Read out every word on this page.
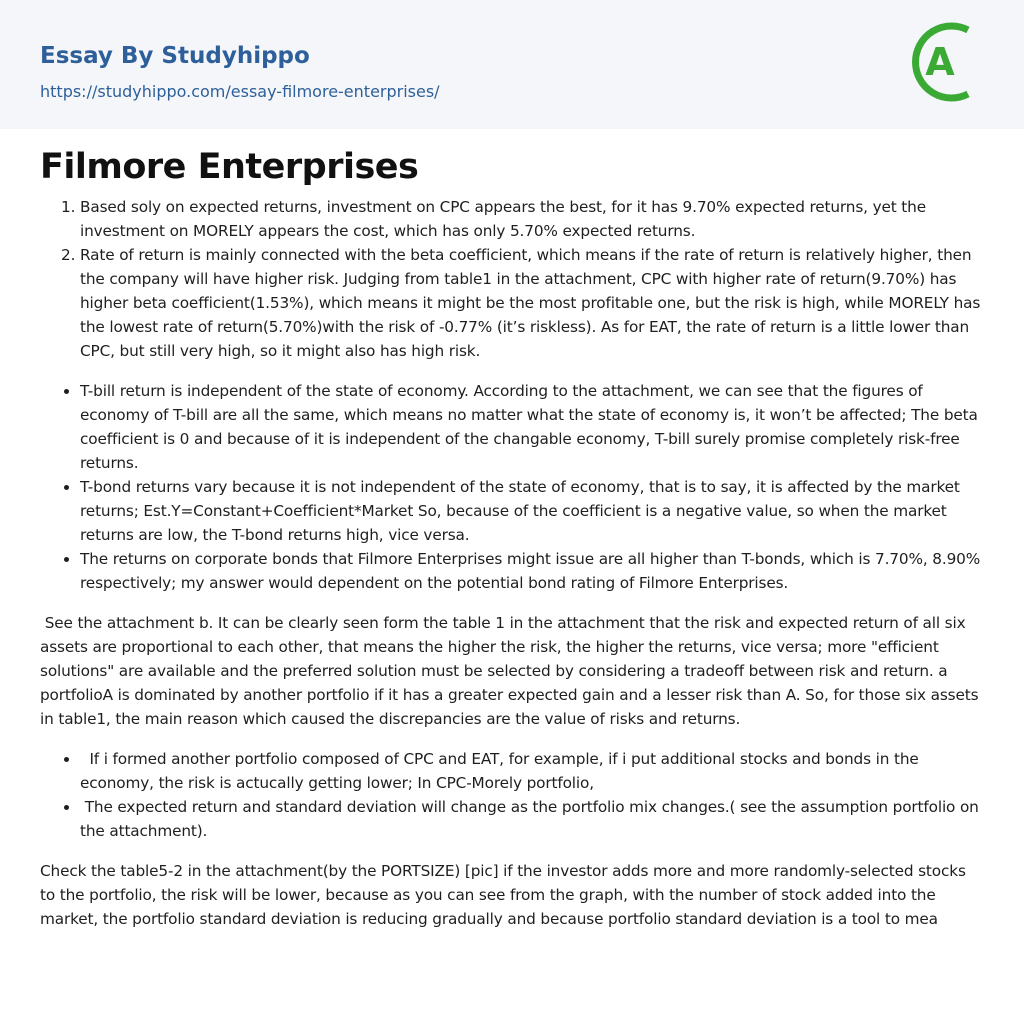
Essay By Studyhippo
https://studyhippo.com/essay-filmore-enterprises/
A
Filmore Enterprises
1. Based soly on expected returns, investment on CPC appears the best, for it has 9.70% expected returns, yet the investment on MORELY appears the cost, which has only 5.70% expected returns.
2. Rate of return is mainly connected with the beta coefficient, which means if the rate of return is relatively higher, then the company will have higher risk. Judging from table1 in the attachment, CPC with higher rate of return(9.70%) has higher beta coefficient(1.53%), which means it might be the most profitable one, but the risk is high, while MORELY has the lowest rate of return(5.70%)with the risk of -0.77% (it’s riskless). As for EAT, the rate of return is a little lower than CPC, but still very high, so it might also has high risk.
• T-bill return is independent of the state of economy. According to the attachment, we can see that the figures of economy of T-bill are all the same, which means no matter what the state of economy is, it won’t be affected; The beta coefficient is 0 and because of it is independent of the changable economy, T-bill surely promise completely risk-free returns.
• T-bond returns vary because it is not independent of the state of economy, that is to say, it is affected by the market returns; Est.Y=Constant+Coefficient*Market So, because of the coefficient is a negative value, so when the market returns are low, the T-bond returns high, vice versa.
• The returns on corporate bonds that Filmore Enterprises might issue are all higher than T-bonds, which is 7.70%, 8.90% respectively; my answer would dependent on the potential bond rating of Filmore Enterprises.

See the attachment b. It can be clearly seen form the table 1 in the attachment that the risk and expected return of all six assets are proportional to each other, that means the higher the risk, the higher the returns, vice versa; more "efficient solutions" are available and the preferred solution must be selected by considering a tradeoff between risk and return. a portfolioA is dominated by another portfolio if it has a greater expected gain and a lesser risk than A. So, for those six assets in table1, the main reason which caused the discrepancies are the value of risks and returns.

•   If i formed another portfolio composed of CPC and EAT, for example, if i put additional stocks and bonds in the economy, the risk is actucally getting lower; In CPC-Morely portfolio,
•  The expected return and standard deviation will change as the portfolio mix changes.( see the assumption portfolio on the attachment).

Check the table5-2 in the attachment(by the PORTSIZE) [pic] if the investor adds more and more randomly-selected stocks to the portfolio, the risk will be lower, because as you can see from the graph, with the number of stock added into the market, the portfolio standard deviation is reducing gradually and because portfolio standard deviation is a tool to mea
